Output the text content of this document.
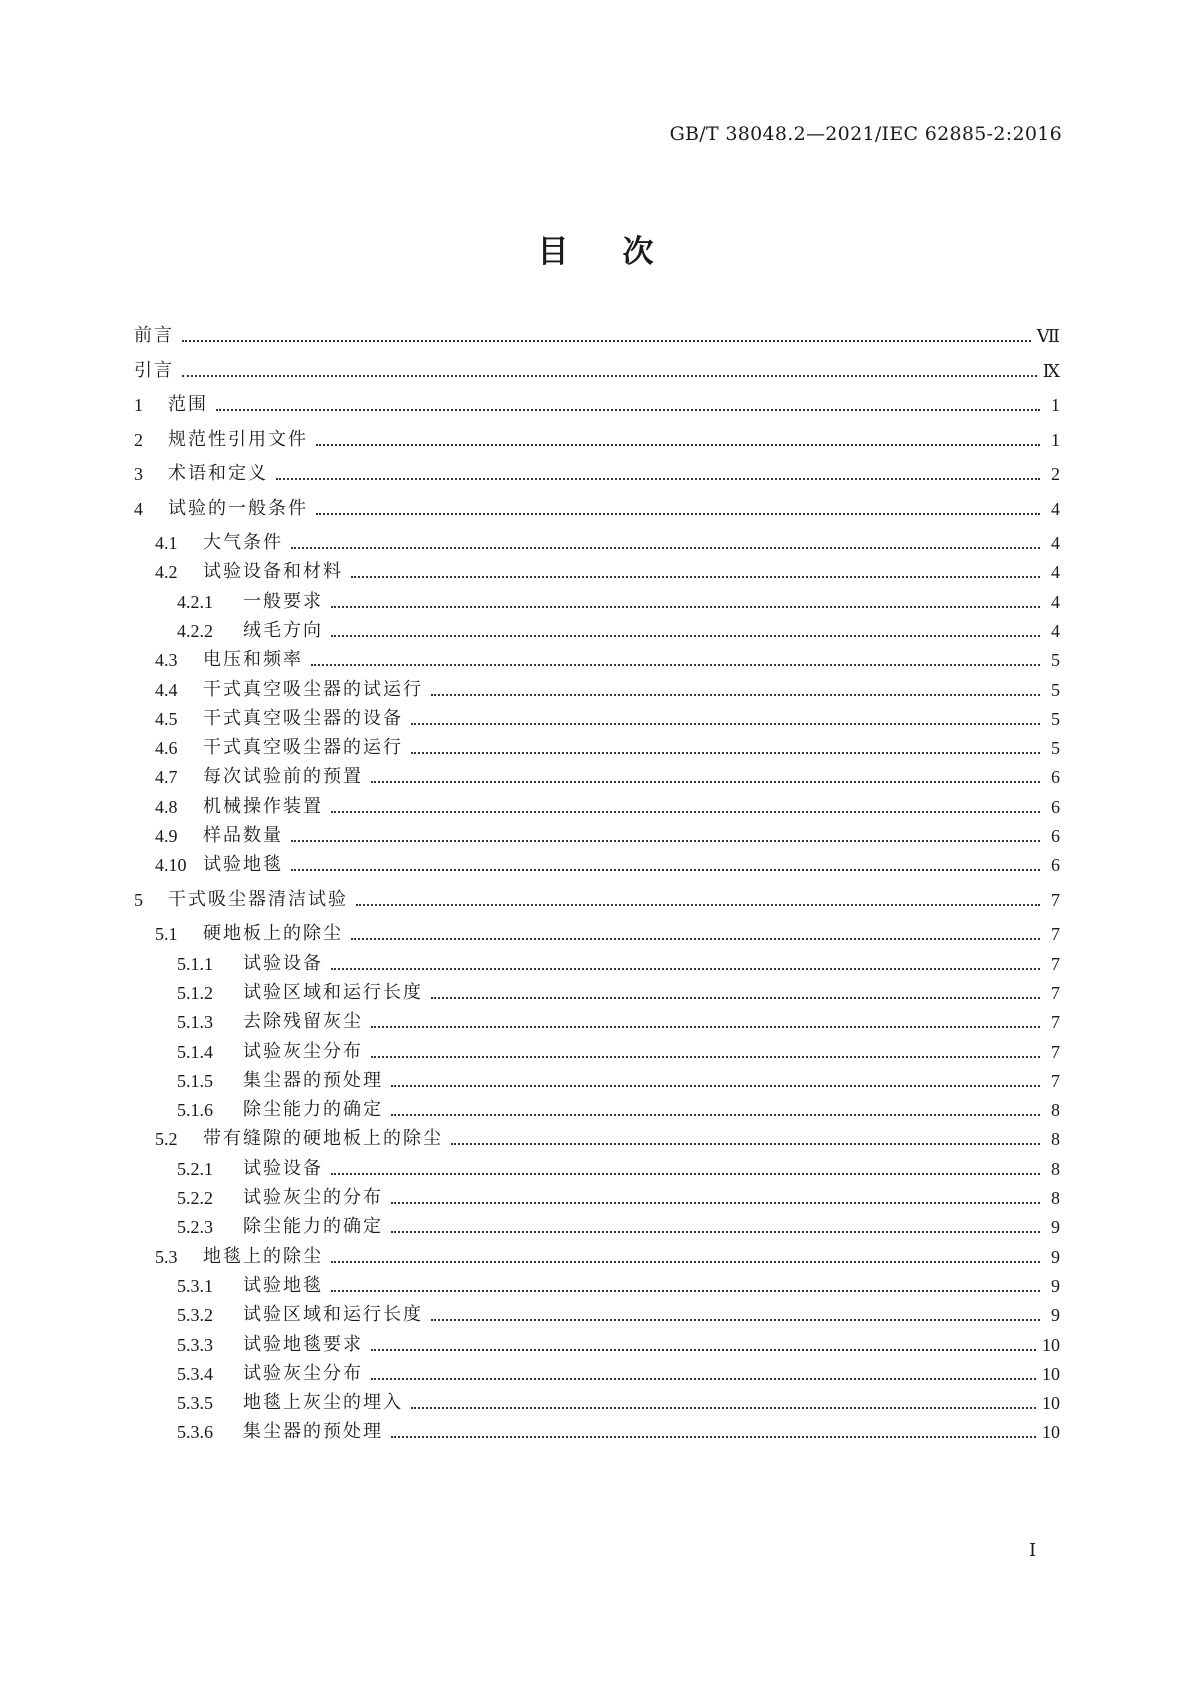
GB/T 38048.2—2021/IEC 62885-2:2016
目次
前言	Ⅶ
引言	Ⅸ
1	范围	1
2	规范性引用文件	1
3	术语和定义	2
4	试验的一般条件	4
4.1	大气条件	4
4.2	试验设备和材料	4
4.2.1	一般要求	4
4.2.2	绒毛方向	4
4.3	电压和频率	5
4.4	干式真空吸尘器的试运行	5
4.5	干式真空吸尘器的设备	5
4.6	干式真空吸尘器的运行	5
4.7	每次试验前的预置	6
4.8	机械操作装置	6
4.9	样品数量	6
4.10 试验地毯	6
5	干式吸尘器清洁试验	7
5.1	硬地板上的除尘	7
5.1.1	试验设备	7
5.1.2	试验区域和运行长度	7
5.1.3	去除残留灰尘	7
5.1.4	试验灰尘分布	7
5.1.5	集尘器的预处理	7
5.1.6	除尘能力的确定	8
5.2	带有缝隙的硬地板上的除尘	8
5.2.1	试验设备	8
5.2.2	试验灰尘的分布	8
5.2.3	除尘能力的确定	9
5.3	地毯上的除尘	9
5.3.1	试验地毯	9
5.3.2	试验区域和运行长度	9
5.3.3	试验地毯要求	10
5.3.4	试验灰尘分布	10
5.3.5	地毯上灰尘的埋入	10
5.3.6	集尘器的预处理	10
Ⅰ
